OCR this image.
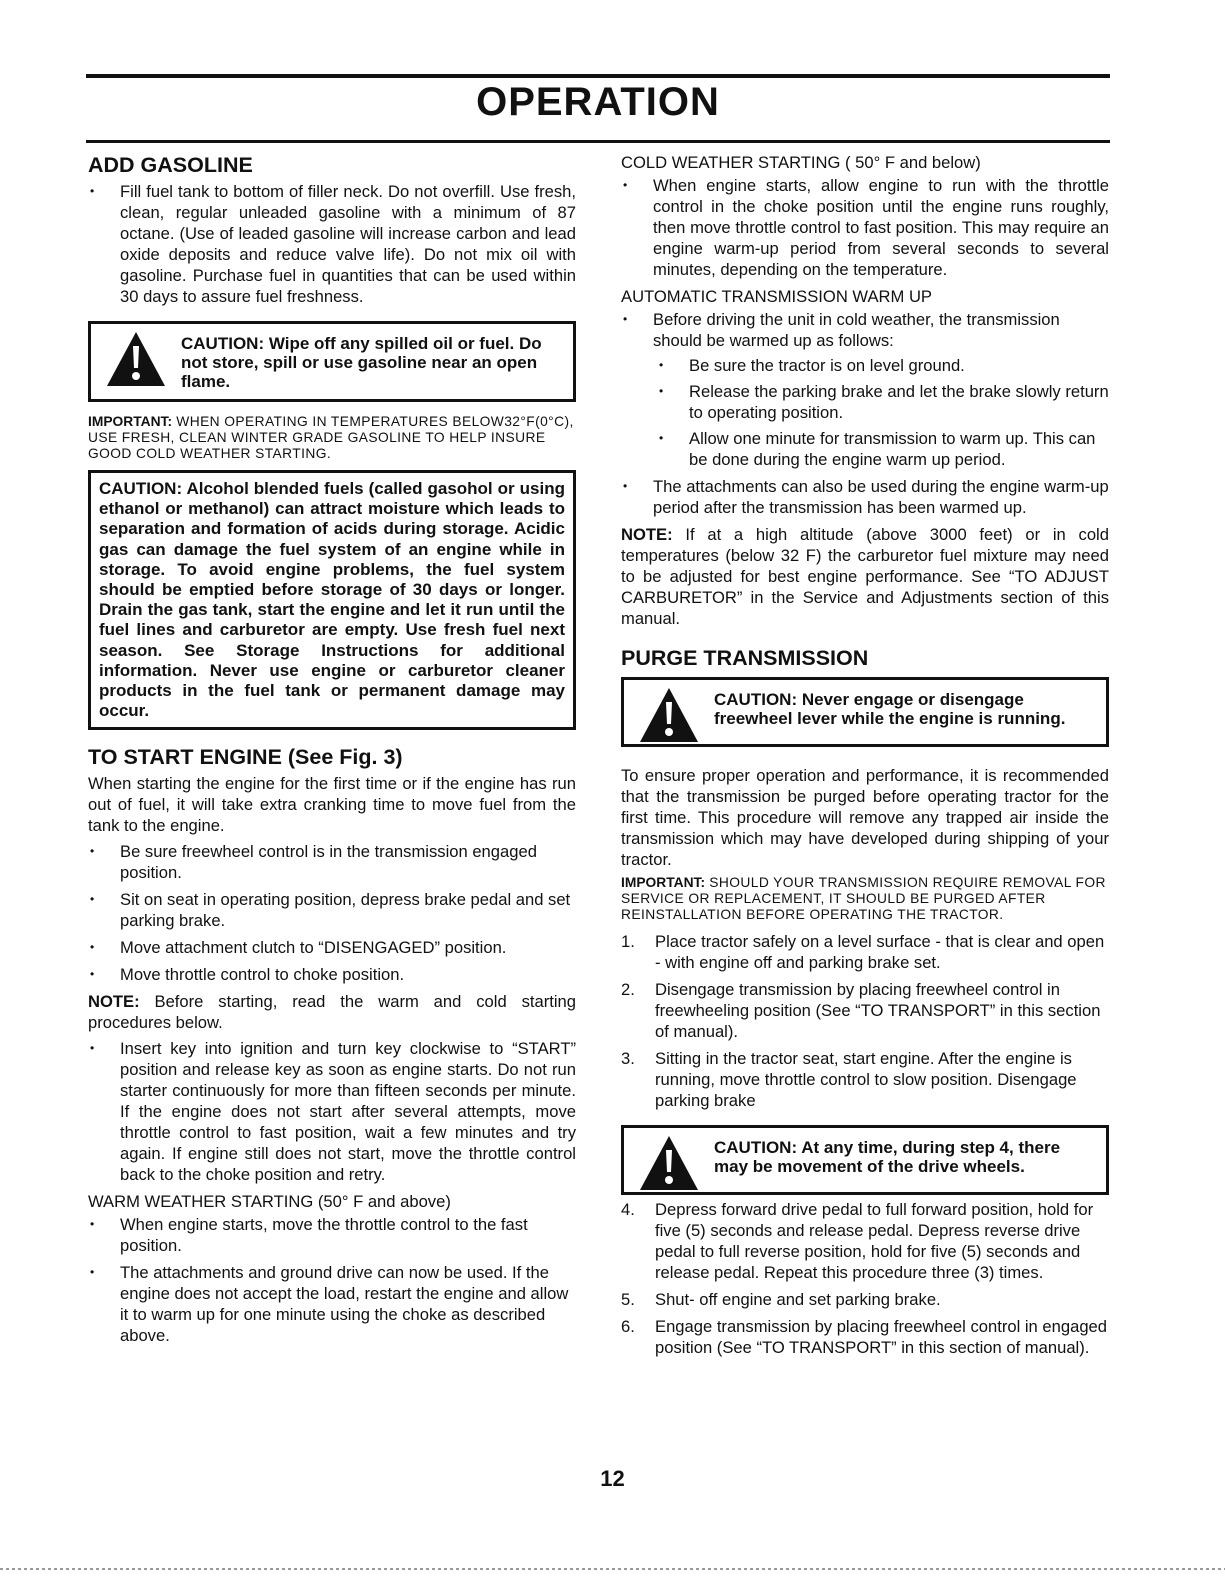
OPERATION
ADD GASOLINE
• Fill fuel tank to bottom of filler neck. Do not overfill. Use fresh, clean, regular unleaded gasoline with a minimum of 87 octane. (Use of leaded gasoline will increase carbon and lead oxide deposits and reduce valve life). Do not mix oil with gasoline. Purchase fuel in quantities that can be used within 30 days to assure fuel freshness.
CAUTION: Wipe off any spilled oil or fuel. Do not store, spill or use gasoline near an open flame.

IMPORTANT: WHEN OPERATING IN TEMPERATURES BELOW32°F(0°C), USE FRESH, CLEAN WINTER GRADE GASOLINE TO HELP INSURE GOOD COLD WEATHER STARTING.

CAUTION: Alcohol blended fuels (called gasohol or using ethanol or methanol) can attract moisture which leads to separation and formation of acids during storage. Acidic gas can damage the fuel system of an engine while in storage. To avoid engine problems, the fuel system should be emptied before storage of 30 days or longer. Drain the gas tank, start the engine and let it run until the fuel lines and carburetor are empty. Use fresh fuel next season. See Storage Instructions for additional information. Never use engine or carburetor cleaner products in the fuel tank or permanent damage may occur.
TO START ENGINE (See Fig. 3)

When starting the engine for the first time or if the engine has run out of fuel, it will take extra cranking time to move fuel from the tank to the engine.

• Be sure freewheel control is in the transmission engaged position.
• Sit on seat in operating position, depress brake pedal and set parking brake.
• Move attachment clutch to “DISENGAGED” position.
• Move throttle control to choke position.

NOTE: Before starting, read the warm and cold starting procedures below.

• Insert key into ignition and turn key clockwise to “START” position and release key as soon as engine starts. Do not run starter continuously for more than fifteen seconds per minute. If the engine does not start after several attempts, move throttle control to fast position, wait a few minutes and try again. If engine still does not start, move the throttle control back to the choke position and retry.

WARM WEATHER STARTING (50° F and above)

• When engine starts, move the throttle control to the fast position.
• The attachments and ground drive can now be used. If the engine does not accept the load, restart the engine and allow it to warm up for one minute using the choke as described above.

COLD WEATHER STARTING ( 50° F and below)

• When engine starts, allow engine to run with the throttle control in the choke position until the engine runs roughly, then move throttle control to fast position. This may require an engine warm-up period from several seconds to several minutes, depending on the temperature.

AUTOMATIC TRANSMISSION WARM UP

• Before driving the unit in cold weather, the transmission should be warmed up as follows:
• Be sure the tractor is on level ground.
• Release the parking brake and let the brake slowly return to operating position.
• Allow one minute for transmission to warm up. This can be done during the engine warm up period.
• The attachments can also be used during the engine warm-up period after the transmission has been warmed up.

NOTE: If at a high altitude (above 3000 feet) or in cold temperatures (below 32 F) the carburetor fuel mixture may need to be adjusted for best engine performance. See “TO ADJUST CARBURETOR” in the Service and Adjustments section of this manual.

PURGE TRANSMISSION
CAUTION: Never engage or disengage freewheel lever while the engine is running.

To ensure proper operation and performance, it is recommended that the transmission be purged before operating tractor for the first time. This procedure will remove any trapped air inside the transmission which may have developed during shipping of your tractor.

IMPORTANT: SHOULD YOUR TRANSMISSION REQUIRE REMOVAL FOR SERVICE OR REPLACEMENT, IT SHOULD BE PURGED AFTER REINSTALLATION BEFORE OPERATING THE TRACTOR.

1. Place tractor safely on a level surface - that is clear and open - with engine off and parking brake set.
2. Disengage transmission by placing freewheel control in freewheeling position (See “TO TRANSPORT” in this section of manual).
3. Sitting in the tractor seat, start engine. After the engine is running, move throttle control to slow position. Disengage parking brake
CAUTION: At any time, during step 4, there may be movement of the drive wheels.
4. Depress forward drive pedal to full forward position, hold for five (5) seconds and release pedal. Depress reverse drive pedal to full reverse position, hold for five (5) seconds and release pedal. Repeat this procedure three (3) times.
5. Shut- off engine and set parking brake.
6. Engage transmission by placing freewheel control in engaged position (See “TO TRANSPORT” in this section of manual).
12
